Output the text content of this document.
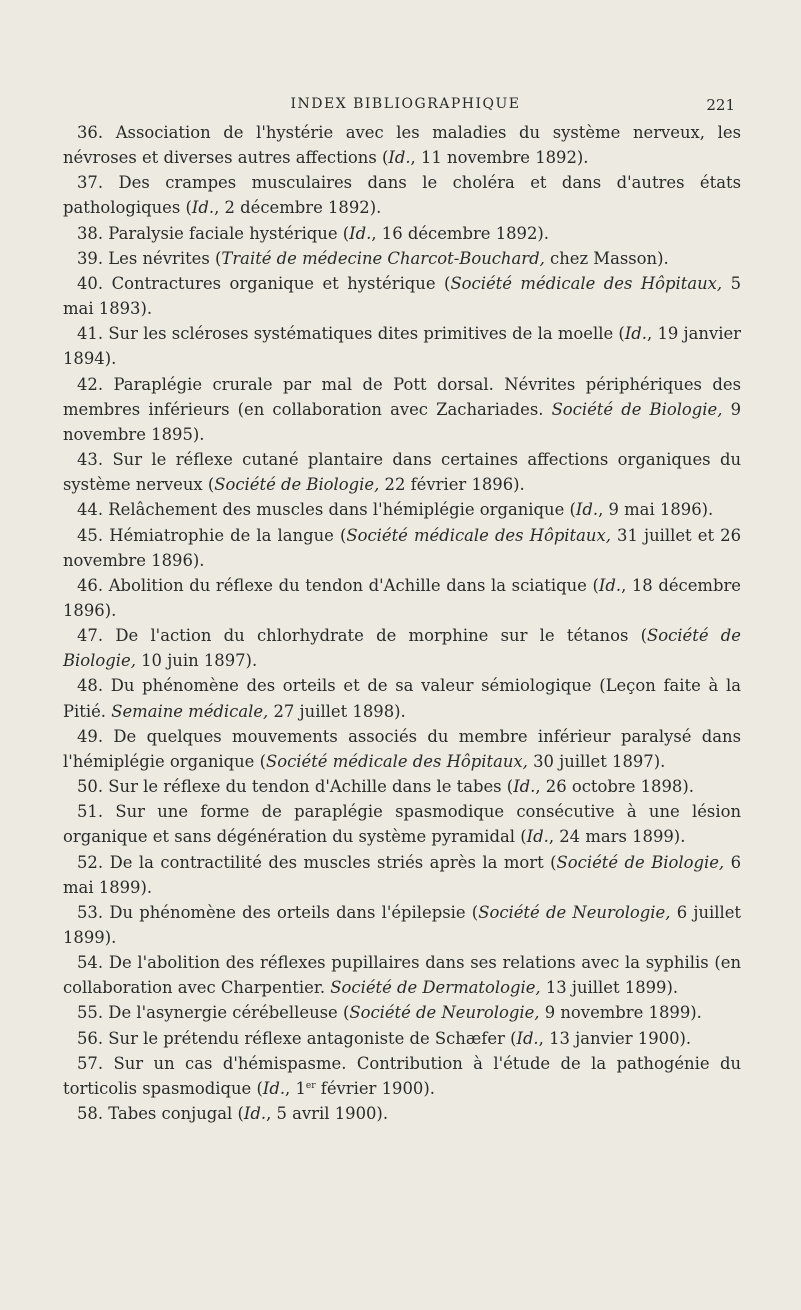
INDEX BIBLIOGRAPHIQUE	221

36. Association de l'hystérie avec les maladies du système nerveux, les névroses et diverses autres affections (Id., 11 novembre 1892).

37. Des crampes musculaires dans le choléra et dans d'autres états pathologiques (Id., 2 décembre 1892).

38. Paralysie faciale hystérique (Id., 16 décembre 1892).

39. Les névrites (Traité de médecine Charcot-Bouchard, chez Masson).

40. Contractures organique et hystérique (Société médicale des Hôpitaux, 5 mai 1893).

41. Sur les scléroses systématiques dites primitives de la moelle (Id., 19 janvier 1894).

42. Paraplégie crurale par mal de Pott dorsal. Névrites périphériques des membres inférieurs (en collaboration avec Zachariades. Société de Biologie, 9 novembre 1895).

43. Sur le réflexe cutané plantaire dans certaines affections organiques du système nerveux (Société de Biologie, 22 février 1896).

44. Relâchement des muscles dans l'hémiplégie organique (Id., 9 mai 1896).

45. Hémiatrophie de la langue (Société médicale des Hôpitaux, 31 juillet et 26 novembre 1896).

46. Abolition du réflexe du tendon d'Achille dans la sciatique (Id., 18 décembre 1896).

47. De l'action du chlorhydrate de morphine sur le tétanos (Société de Biologie, 10 juin 1897).

48. Du phénomène des orteils et de sa valeur sémiologique (Leçon faite à la Pitié. Semaine médicale, 27 juillet 1898).

49. De quelques mouvements associés du membre inférieur paralysé dans l'hémiplégie organique (Société médicale des Hôpitaux, 30 juillet 1897).

50. Sur le réflexe du tendon d'Achille dans le tabes (Id., 26 octobre 1898).

51. Sur une forme de paraplégie spasmodique consécutive à une lésion organique et sans dégénération du système pyramidal (Id., 24 mars 1899).

52. De la contractilité des muscles striés après la mort (Société de Biologie, 6 mai 1899).

53. Du phénomène des orteils dans l'épilepsie (Société de Neurologie, 6 juillet 1899).

54. De l'abolition des réflexes pupillaires dans ses relations avec la syphilis (en collaboration avec Charpentier. Société de Dermatologie, 13 juillet 1899).

55. De l'asynergie cérébelleuse (Société de Neurologie, 9 novembre 1899).

56. Sur le prétendu réflexe antagoniste de Schæfer (Id., 13 janvier 1900).

57. Sur un cas d'hémispasme. Contribution à l'étude de la pathogénie du torticolis spasmodique (Id., 1er février 1900).

58. Tabes conjugal (Id., 5 avril 1900).
